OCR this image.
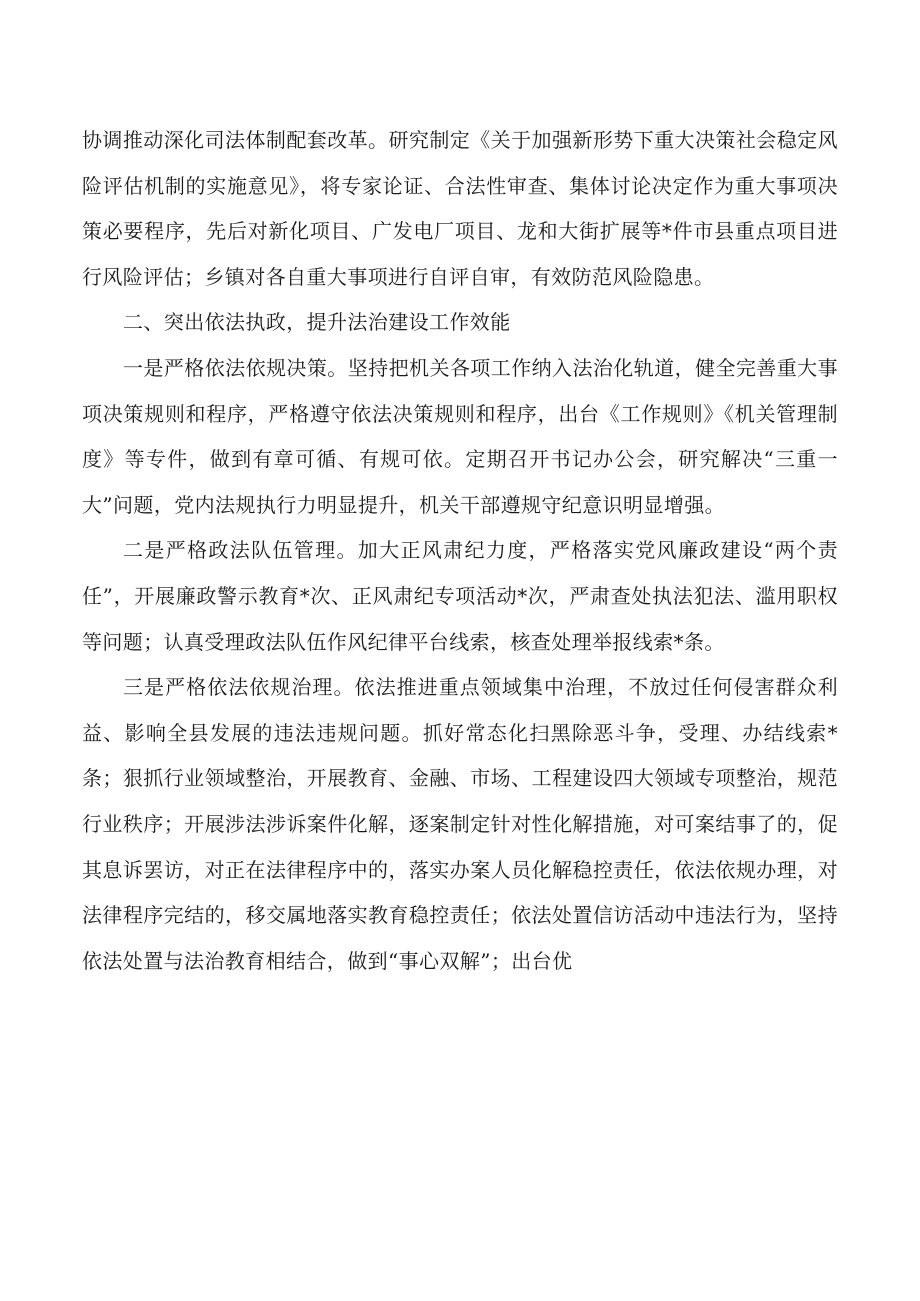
协调推动深化司法体制配套改革。研究制定《关于加强新形势下重大决策社会稳定风险评估机制的实施意见》，将专家论证、合法性审查、集体讨论决定作为重大事项决策必要程序，先后对新化项目、广发电厂项目、龙和大街扩展等*件市县重点项目进行风险评估；乡镇对各自重大事项进行自评自审，有效防范风险隐患。

二、突出依法执政，提升法治建设工作效能

一是严格依法依规决策。坚持把机关各项工作纳入法治化轨道，健全完善重大事项决策规则和程序，严格遵守依法决策规则和程序，出台《工作规则》《机关管理制度》等专件，做到有章可循、有规可依。定期召开书记办公会，研究解决“三重一大”问题，党内法规执行力明显提升，机关干部遵规守纪意识明显增强。

二是严格政法队伍管理。加大正风肃纪力度，严格落实党风廉政建设“两个责任”，开展廉政警示教育*次、正风肃纪专项活动*次，严肃查处执法犯法、滥用职权等问题；认真受理政法队伍作风纪律平台线索，核查处理举报线索*条。

三是严格依法依规治理。依法推进重点领域集中治理，不放过任何侵害群众利益、影响全县发展的违法违规问题。抓好常态化扫黑除恶斗争，受理、办结线索*条；狠抓行业领域整治，开展教育、金融、市场、工程建设四大领域专项整治，规范行业秩序；开展涉法涉诉案件化解，逐案制定针对性化解措施，对可案结事了的，促其息诉罢访，对正在法律程序中的，落实办案人员化解稳控责任，依法依规办理，对法律程序完结的，移交属地落实教育稳控责任；依法处置信访活动中违法行为，坚持依法处置与法治教育相结合，做到“事心双解”；出台优
